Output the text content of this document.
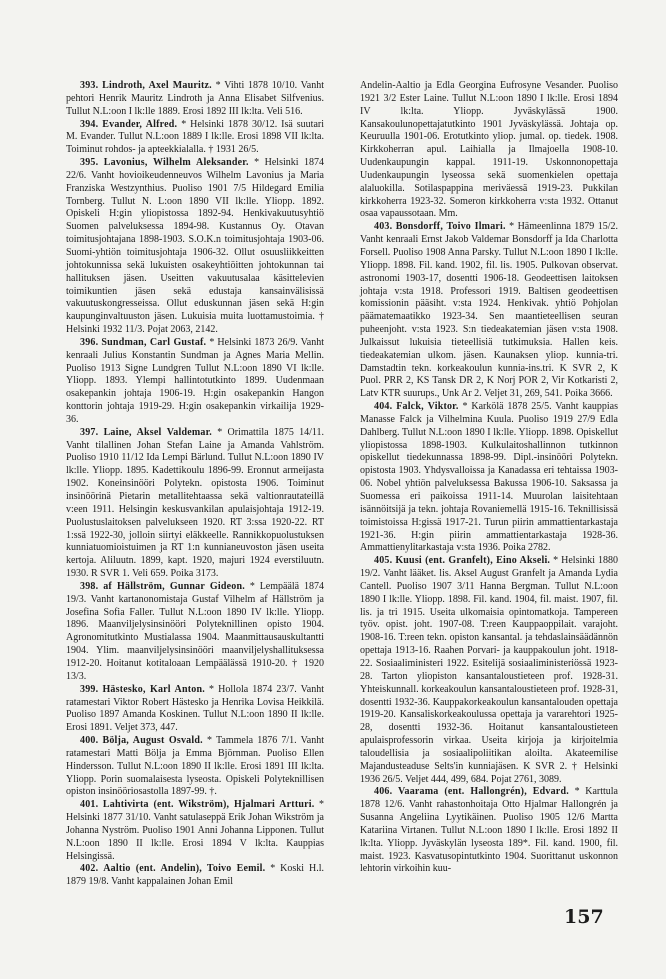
393. Lindroth, Axel Mauritz. * Vihti 1878 10/10. Vanht pehtori Henrik Mauritz Lindroth ja Anna Elisabet Silfvenius. Tullut N.L:oon I lk:lle 1889. Erosi 1892 III lk:lta. Veli 516.

394. Evander, Alfred. * Helsinki 1878 30/12. Isä suutari M. Evander. Tullut N.L:oon 1889 I lk:lle. Erosi 1898 VII lk:lta. Toiminut rohdos- ja apteekkialalla. † 1931 26/5.

395. Lavonius, Wilhelm Aleksander. * Helsinki 1874 22/6. Vanht hovioikeudenneuvos Wilhelm Lavonius ja Maria Franziska Westzynthius. Puoliso 1901 7/5 Hildegard Emilia Tornberg. Tullut N. L:oon 1890 VII lk:lle. Yliopp. 1892. Opiskeli H:gin yliopistossa 1892-94. Henkivakuutusyhtiö Suomen palveluksessa 1894-98. Kustannus Oy. Otavan toimitusjohtajana 1898-1903. S.O.K.n toimitusjohtaja 1903-06. Suomi-yhtiön toimitusjohtaja 1906-32. Ollut osuusliikkeitten johtokunnissa sekä lukuisten osakeyhtiöitten johtokunnan tai hallituksen jäsen. Useitten vakuutusalaa käsittelevien toimikuntien jäsen sekä edustaja kansainvälisissä vakuutuskongresseissa. Ollut eduskunnan jäsen sekä H:gin kaupunginvaltuuston jäsen. Lukuisia muita luottamustoimia. † Helsinki 1932 11/3. Pojat 2063, 2142.

396. Sundman, Carl Gustaf. * Helsinki 1873 26/9. Vanht kenraali Julius Konstantin Sundman ja Agnes Maria Mellin. Puoliso 1913 Signe Lundgren Tullut N.L:oon 1890 VI lk:lle. Yliopp. 1893. Ylempi hallintotutkinto 1899. Uudenmaan osakepankin johtaja 1906-19. H:gin osakepankin Hangon konttorin johtaja 1919-29. H:gin osakepankin virkailija 1929-36.

397. Laine, Aksel Valdemar. * Orimattila 1875 14/11. Vanht tilallinen Johan Stefan Laine ja Amanda Vahlström. Puoliso 1910 11/12 Ida Lempi Bärlund. Tullut N.L:oon 1890 IV lk:lle. Yliopp. 1895. Kadettikoulu 1896-99. Eronnut armeijasta 1902. Koneinsinööri Polytekn. opistosta 1906. Toiminut insinöörinä Pietarin metallitehtaassa sekä valtionrautateillä v:een 1911. Helsingin keskusvankilan apulaisjohtaja 1912-19. Puolustuslaitoksen palvelukseen 1920. RT 3:ssa 1920-22. RT 1:ssä 1922-30, jolloin siirtyi eläkkeelle. Rannikkopuolustuksen kunniatuomioistuimen ja RT 1:n kunnianeuvoston jäsen useita kertoja. Aliluutn. 1899, kapt. 1920, majuri 1924 everstiluutn. 1930. R SVR 1. Veli 659. Poika 3173.

398. af Hällström, Gunnar Gideon. * Lempäälä 1874 19/3. Vanht kartanonomistaja Gustaf Vilhelm af Hällström ja Josefina Sofia Faller. Tullut N.L:oon 1890 IV lk:lle. Yliopp. 1896. Maanviljelysinsinööri Polyteknillinen opisto 1904. Agronomitutkinto Mustialassa 1904. Maanmittausauskultantti 1904. Ylim. maanviljelysinsinööri maanviljelyshallituksessa 1912-20. Hoitanut kotitaloaan Lempäälässä 1910-20. † 1920 13/3.

399. Hästesko, Karl Anton. * Hollola 1874 23/7. Vanht ratamestari Viktor Robert Hästesko ja Henrika Lovisa Heikkilä. Puoliso 1897 Amanda Koskinen. Tullut N.L:oon 1890 II lk:lle. Erosi 1891. Veljet 373, 447.

400. Bölja, August Osvald. * Tammela 1876 7/1. Vanht ratamestari Matti Bölja ja Emma Björnman. Puoliso Ellen Hindersson. Tullut N.L:oon 1890 II lk:lle. Erosi 1891 III lk:lta. Yliopp. Porin suomalaisesta lyseosta. Opiskeli Polyteknillisen opiston insinööriosastolla 1897-99. †.

401. Lahtivirta (ent. Wikström), Hjalmari Artturi. * Helsinki 1877 31/10. Vanht satulaseppä Erik Johan Wikström ja Johanna Nyström. Puoliso 1901 Anni Johanna Lipponen. Tullut N.L:oon 1890 II lk:lle. Erosi 1894 V lk:lta. Kauppias Helsingissä.

402. Aaltio (ent. Andelin), Toivo Eemil. * Koski H.l. 1879 19/8. Vanht kappalainen Johan Emil

Andelin-Aaltio ja Edla Georgina Eufrosyne Vesander. Puoliso 1921 3/2 Ester Laine. Tullut N.L:oon 1890 I lk:lle. Erosi 1894 IV lk:lta. Yliopp. Jyväskylässä 1900. Kansakoulunopettajatutkinto 1901 Jyväskylässä. Johtaja op. Keuruulla 1901-06. Erotutkinto yliop. jumal. op. tiedek. 1908. Kirkkoherran apul. Laihialla ja Ilmajoella 1908-10. Uudenkaupungin kappal. 1911-19. Uskonnonopettaja Uudenkaupungin lyseossa sekä suomenkielen opettaja alaluokilla. Sotilaspappina meriväessä 1919-23. Pukkilan kirkkoherra 1923-32. Someron kirkkoherra v:sta 1932. Ottanut osaa vapaussotaan. Mm.

403. Bonsdorff, Toivo Ilmari. * Hämeenlinna 1879 15/2. Vanht kenraali Ernst Jakob Valdemar Bonsdorff ja Ida Charlotta Forsell. Puoliso 1908 Anna Parsky. Tullut N.L:oon 1890 I lk:lle. Yliopp. 1898. Fil. kand. 1902, fil. lis. 1905. Pulkovan observat. astronomi 1903-17, dosentti 1906-18. Geodeettisen laitoksen johtaja v:sta 1918. Professori 1919. Baltisen geodeettisen komissionin pääsiht. v:sta 1924. Henkivak. yhtiö Pohjolan päämatemaatikko 1923-34. Sen maantieteellisen seuran puheenjoht. v:sta 1923. S:n tiedeakatemian jäsen v:sta 1908. Julkaissut lukuisia tieteellisiä tutkimuksia. Hallen keis. tiedeakatemian ulkom. jäsen. Kaunaksen yliop. kunnia-tri. Damstadtin tekn. korkeakoulun kunnia-ins.tri. K SVR 2, K Puol. PRR 2, KS Tansk DR 2, K Norj POR 2, Vir Kotkaristi 2, Latv KTR suurups., Unk Ar 2. Veljet 31, 269, 541. Poika 3666.

404. Falck, Viktor. * Karkölä 1878 25/5. Vanht kauppias Manasse Falck ja Vilhelmina Kuula. Puoliso 1919 27/9 Edla Dahlberg. Tullut N.L:oon 1890 I lk:lle. Yliopp. 1898. Opiskellut yliopistossa 1898-1903. Kulkulaitoshallinnon tutkinnon opiskellut tiedekunnassa 1898-99. Dipl.-insinööri Polytekn. opistosta 1903. Yhdysvalloissa ja Kanadassa eri tehtaissa 1903-06. Nobel yhtiön palveluksessa Bakussa 1906-10. Saksassa ja Suomessa eri paikoissa 1911-14. Muurolan laisitehtaan isännöitsijä ja tekn. johtaja Rovaniemellä 1915-16. Teknillisissä toimistoissa H:gissä 1917-21. Turun piirin ammattientarkastaja 1921-36. H:gin piirin ammattientarkastaja 1928-36. Ammattienylitarkastaja v:sta 1936. Poika 2782.

405. Kuusi (ent. Granfelt), Eino Akseli. * Helsinki 1880 19/2. Vanht lääket. lis. Aksel August Granfelt ja Amanda Lydia Cantell. Puoliso 1907 3/11 Hanna Bergman. Tullut N.L:oon 1890 I lk:lle. Yliopp. 1898. Fil. kand. 1904, fil. maist. 1907, fil. lis. ja tri 1915. Useita ulkomaisia opintomatkoja. Tampereen työv. opist. joht. 1907-08. T:reen Kauppaoppilait. varajoht. 1908-16. T:reen tekn. opiston kansantal. ja tehdaslainsäädännön opettaja 1913-16. Raahen Porvari- ja kauppakoulun joht. 1918-22. Sosiaaliministeri 1922. Esitelijä sosiaaliministeriössä 1923-28. Tarton yliopiston kansantaloustieteen prof. 1928-31. Yhteiskunnall. korkeakoulun kansantaloustieteen prof. 1928-31, dosentti 1932-36. Kauppakorkeakoulun kansantalouden opettaja 1919-20. Kansaliskorkeakoulussa opettaja ja vararehtori 1925-28, dosentti 1932-36. Hoitanut kansantaloustieteen apulaisprofessorin virkaa. Useita kirjoja ja kirjoitelmia taloudellisia ja sosiaalipoliitikan aloilta. Akateemilise Majandusteaduse Selts'in kunniajäsen. K SVR 2. † Helsinki 1936 26/5. Veljet 444, 499, 684. Pojat 2761, 3089.

406. Vaarama (ent. Hallongrén), Edvard. * Karttula 1878 12/6. Vanht rahastonhoitaja Otto Hjalmar Hallongrén ja Susanna Angeliina Lyytikäinen. Puoliso 1905 12/6 Martta Katariina Virtanen. Tullut N.L:oon 1890 I lk:lle. Erosi 1892 II lk:lta. Yliopp. Jyväskylän lyseosta 189*. Fil. kand. 1900, fil. maist. 1923. Kasvatusopintutkinto 1904. Suorittanut uskonnon lehtorin virkoihin kuu-

157
